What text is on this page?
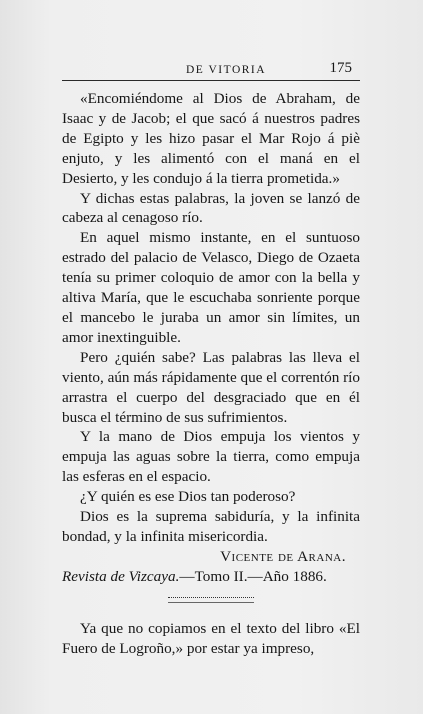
DE VITORIA	175

«Encomiéndome al Dios de Abraham, de Isaac y de Jacob; el que sacó á nuestros padres de Egipto y les hizo pasar el Mar Rojo á piè enjuto, y les alimentó con el maná en el Desierto, y les condujo á la tierra prometida.»

Y dichas estas palabras, la joven se lanzó de cabeza al cenagoso río.

En aquel mismo instante, en el suntuoso estrado del palacio de Velasco, Diego de Ozaeta tenía su primer coloquio de amor con la bella y altiva María, que le escuchaba sonriente porque el mancebo le juraba un amor sin límites, un amor inextinguible.

Pero ¿quién sabe? Las palabras las lleva el viento, aún más rápidamente que el correntón río arrastra el cuerpo del desgraciado que en él busca el término de sus sufrimientos.

Y la mano de Dios empuja los vientos y empuja las aguas sobre la tierra, como empuja las esferas en el espacio.

¿Y quién es ese Dios tan poderoso?

Dios es la suprema sabiduría, y la infinita bondad, y la infinita misericordia.

Vicente de Arana.

Revista de Vizcaya.—Tomo II.—Año 1886.

Ya que no copiamos en el texto del libro «El Fuero de Logroño,» por estar ya impreso,
